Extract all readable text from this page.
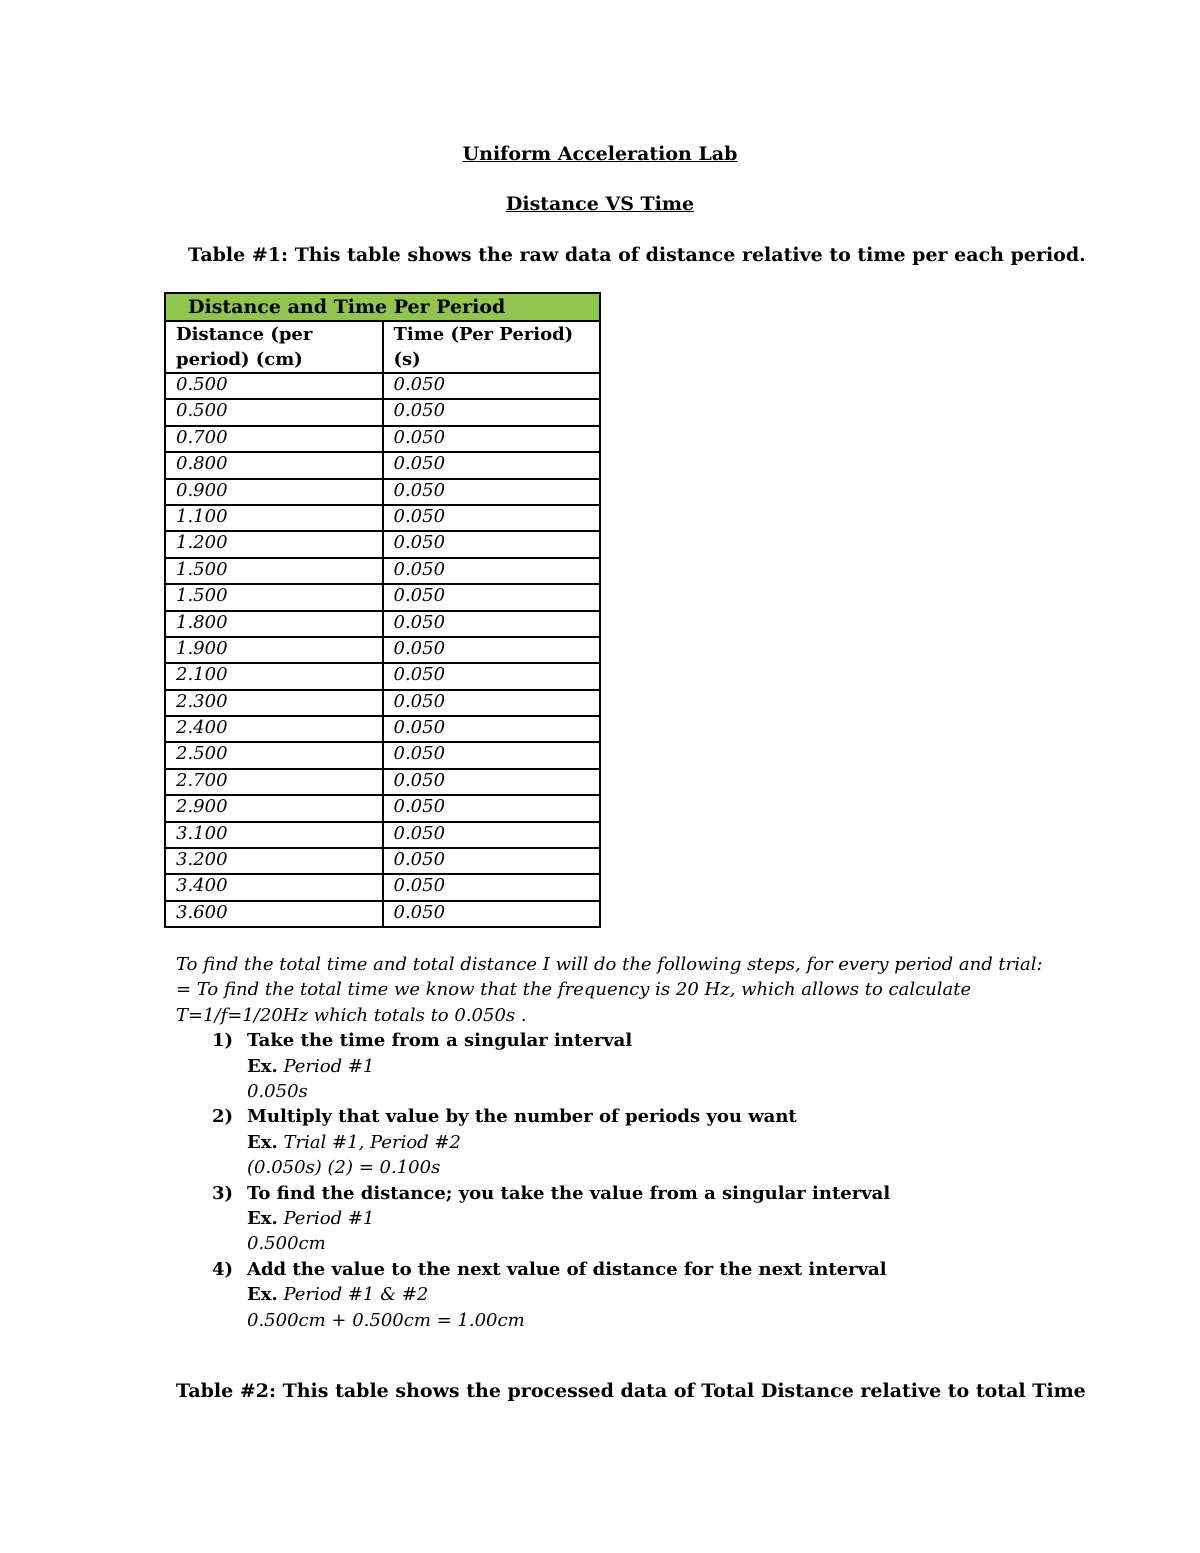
Uniform Acceleration Lab
Distance VS Time
Table #1: This table shows the raw data of distance relative to time per each period.
Distance and Time Per Period	
Distance (per period) (cm)	Time (Per Period) (s)
0.500	0.050
0.500	0.050
0.700	0.050
0.800	0.050
0.900	0.050
1.100	0.050
1.200	0.050
1.500	0.050
1.500	0.050
1.800	0.050
1.900	0.050
2.100	0.050
2.300	0.050
2.400	0.050
2.500	0.050
2.700	0.050
2.900	0.050
3.100	0.050
3.200	0.050
3.400	0.050
3.600	0.050
To find the total time and total distance I will do the following steps, for every period and trial:
= To find the total time we know that the frequency is 20 Hz, which allows to calculate
T=1/f=1/20Hz which totals to 0.050s .
1) Take the time from a singular interval
Ex. Period #1
0.050s
2) Multiply that value by the number of periods you want
Ex. Trial #1, Period #2
(0.050s) (2) = 0.100s
3) To find the distance; you take the value from a singular interval
Ex. Period #1
0.500cm
4) Add the value to the next value of distance for the next interval
Ex. Period #1 & #2
0.500cm + 0.500cm = 1.00cm
Table #2: This table shows the processed data of Total Distance relative to total Time
